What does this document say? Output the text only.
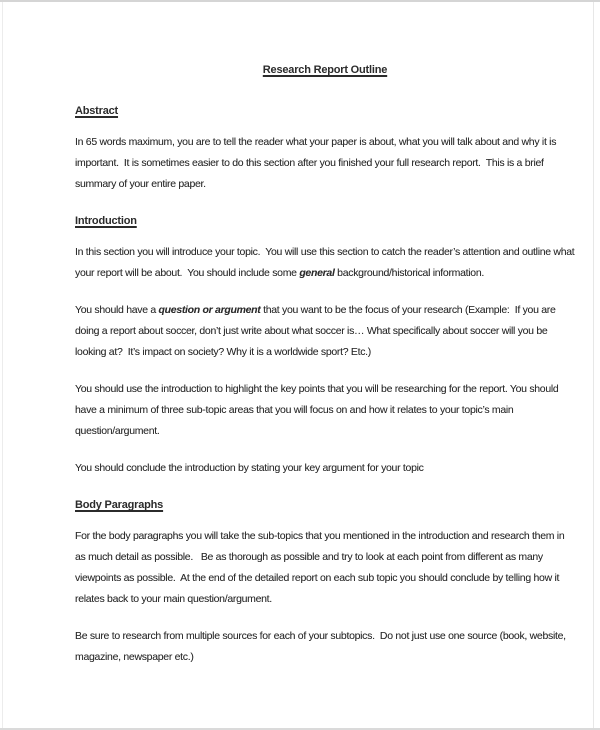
Research Report Outline
Abstract

In 65 words maximum, you are to tell the reader what your paper is about, what you will talk about and why it is important.  It is sometimes easier to do this section after you finished your full research report.  This is a brief summary of your entire paper.

Introduction

In this section you will introduce your topic.  You will use this section to catch the reader’s attention and outline what your report will be about.  You should include some general background/historical information.

You should have a question or argument that you want to be the focus of your research (Example:  If you are doing a report about soccer, don’t just write about what soccer is… What specifically about soccer will you be looking at?  It’s impact on society? Why it is a worldwide sport? Etc.)

You should use the introduction to highlight the key points that you will be researching for the report. You should have a minimum of three sub-topic areas that you will focus on and how it relates to your topic’s main question/argument.

You should conclude the introduction by stating your key argument for your topic

Body Paragraphs

For the body paragraphs you will take the sub-topics that you mentioned in the introduction and research them in as much detail as possible.   Be as thorough as possible and try to look at each point from different as many viewpoints as possible.  At the end of the detailed report on each sub topic you should conclude by telling how it relates back to your main question/argument.

Be sure to research from multiple sources for each of your subtopics.  Do not just use one source (book, website, magazine, newspaper etc.)
